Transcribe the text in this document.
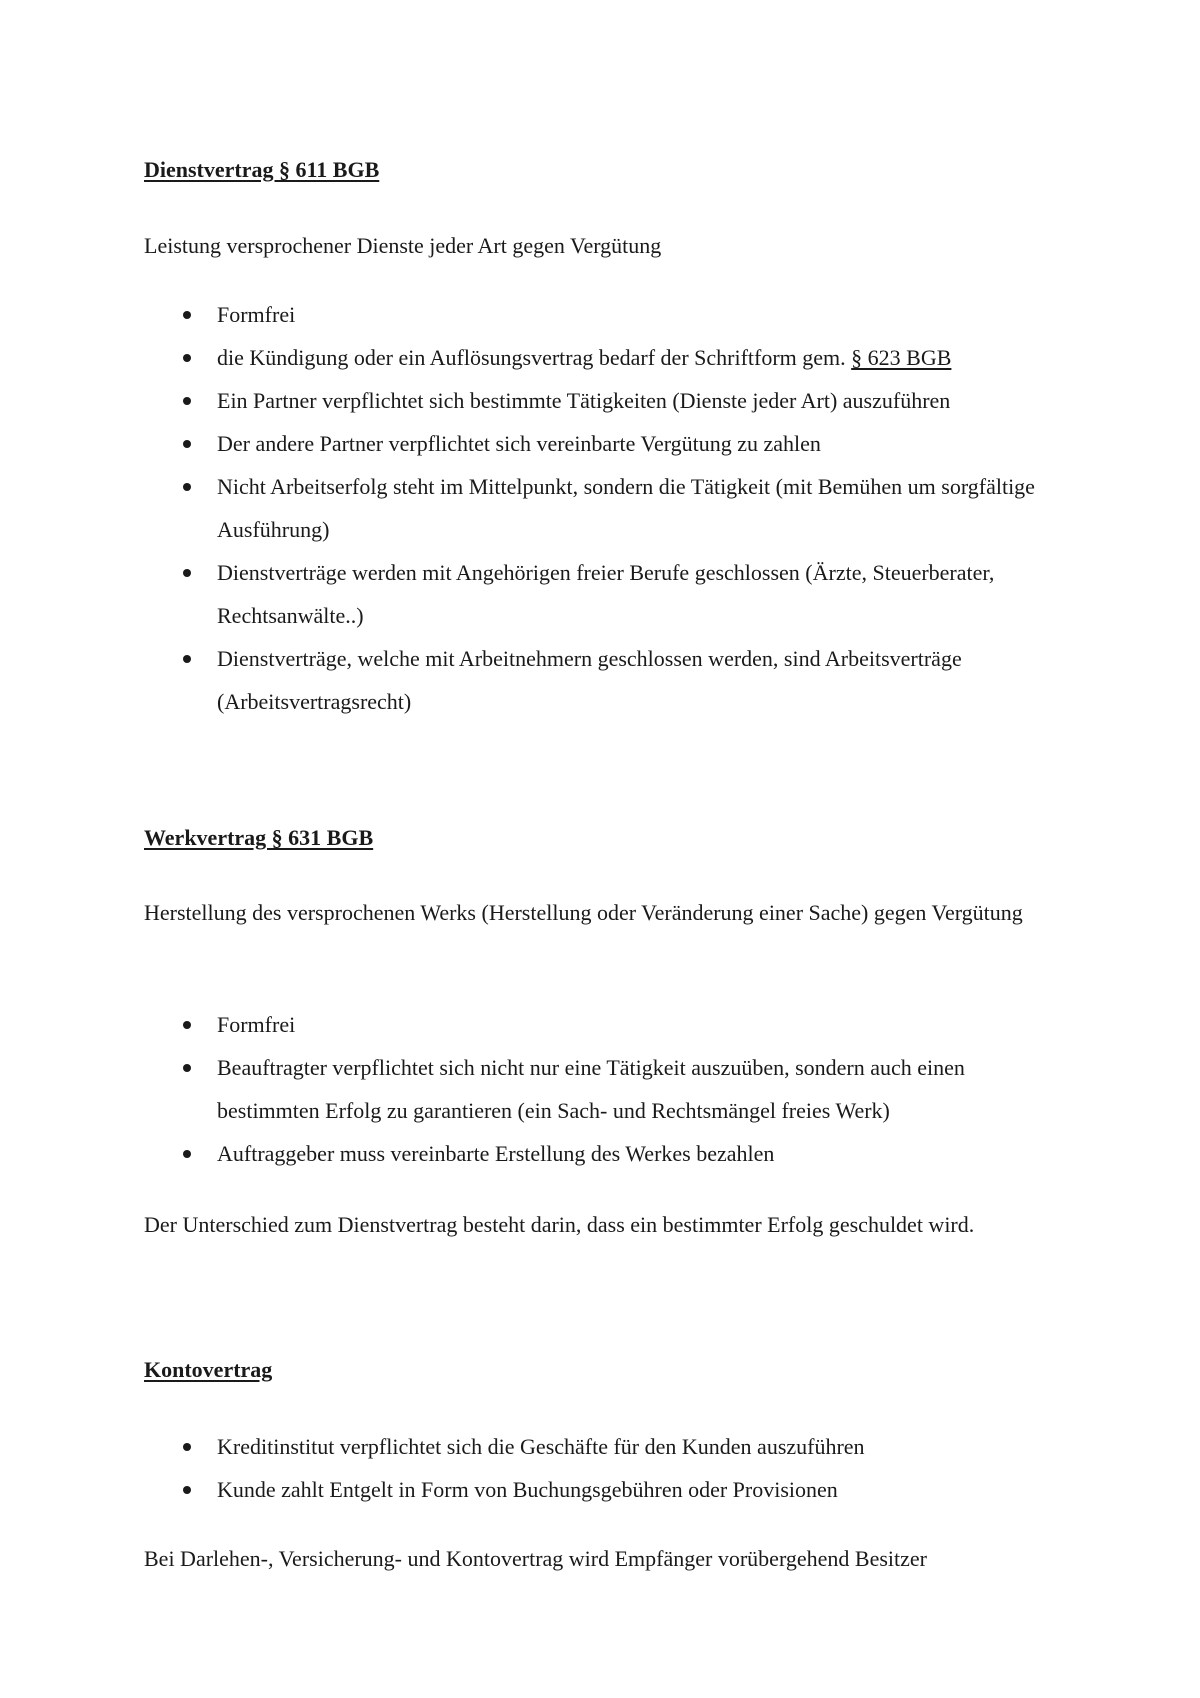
Dienstvertrag § 611 BGB
Leistung versprochener Dienste jeder Art gegen Vergütung
Formfrei
die Kündigung oder ein Auflösungsvertrag bedarf der Schriftform gem. § 623 BGB
Ein Partner verpflichtet sich bestimmte Tätigkeiten (Dienste jeder Art) auszuführen
Der andere Partner verpflichtet sich vereinbarte Vergütung zu zahlen
Nicht Arbeitserfolg steht im Mittelpunkt, sondern die Tätigkeit (mit Bemühen um sorgfältige Ausführung)
Dienstverträge werden mit Angehörigen freier Berufe geschlossen (Ärzte, Steuerberater, Rechtsanwälte..)
Dienstverträge, welche mit Arbeitnehmern geschlossen werden, sind Arbeitsverträge (Arbeitsvertragsrecht)
Werkvertrag § 631 BGB
Herstellung des versprochenen Werks (Herstellung oder Veränderung einer Sache) gegen Vergütung
Formfrei
Beauftragter verpflichtet sich nicht nur eine Tätigkeit auszuüben, sondern auch einen bestimmten Erfolg zu garantieren (ein Sach- und Rechtsmängel freies Werk)
Auftraggeber muss vereinbarte Erstellung des Werkes bezahlen
Der Unterschied zum Dienstvertrag besteht darin, dass ein bestimmter Erfolg geschuldet wird.
Kontovertrag
Kreditinstitut verpflichtet sich die Geschäfte für den Kunden auszuführen
Kunde zahlt Entgelt in Form von Buchungsgebühren oder Provisionen
Bei Darlehen-, Versicherung- und Kontovertrag wird Empfänger vorübergehend Besitzer
